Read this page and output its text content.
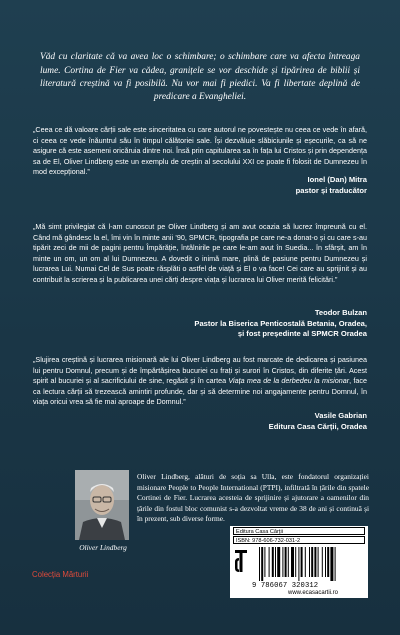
Văd cu claritate că va avea loc o schimbare; o schimbare care va afecta întreaga lume. Cortina de Fier va cădea, granițele se vor deschide și tipărirea de biblii și literatură creștină va fi posibilă. Nu vor mai fi piedici. Va fi libertate deplină de predicare a Evangheliei.

„Ceea ce dă valoare cărții sale este sinceritatea cu care autorul ne povestește nu ceea ce vede în afară, ci ceea ce vede înăuntrul său în timpul călătoriei sale. Își dezvăluie slăbiciunile și eșecurile, ca să ne asigure că este asemeni oricăruia dintre noi. Însă prin capitularea sa în fața lui Cristos și prin dependența sa de El, Oliver Lindberg este un exemplu de creștin al secolului XXI ce poate fi folosit de Dumnezeu în mod excepțional.”

Ionel (Dan) Mitra
pastor și traducător

„Mă simt privilegiat că l-am cunoscut pe Oliver Lindberg și am avut ocazia să lucrez împreună cu el. Când mă gândesc la el, îmi vin în minte anii ’90, SPMCR, tipografia pe care ne-a donat-o și cu care s-au tipărit zeci de mii de pagini pentru Împărăție, întâlnirile pe care le-am avut în Suedia... în sfârșit, am în minte un om, un om al lui Dumnezeu. A dovedit o inimă mare, plină de pasiune pentru Dumnezeu și lucrarea Lui. Numai Cel de Sus poate răsplăti o astfel de viață și El o va face! Cei care au sprijinit și au contribuit la scrierea și la publicarea unei cărți despre viața și lucrarea lui Oliver merită felicitări.”

Teodor Bulzan
Pastor la Biserica Penticostală Betania, Oradea,
și fost președinte al SPMCR Oradea

„Slujirea creștină și lucrarea misionară ale lui Oliver Lindberg au fost marcate de dedicarea și pasiunea lui pentru Domnul, precum și de împărtășirea bucuriei cu frați și surori în Cristos, din diferite țări. Acest spirit al bucuriei și al sacrificiului de sine, regăsit și în cartea Viața mea de la derbedeu la misionar, face ca lectura cărții să trezească amintiri profunde, dar și să determine noi angajamente pentru Domnul, în viața oricui vrea să fie mai aproape de Domnul.”

Vasile Gabrian
Editura Casa Cărții, Oradea
Oliver Lindberg

Oliver Lindberg, alături de soția sa Ulla, este fondatorul organizației misionare People to People International (PTPI), infiltrată în țările din spatele Cortinei de Fier. Lucrarea acesteia de sprijinire și ajutorare a oamenilor din țările din fostul bloc comunist s-a dezvoltat vreme de 38 de ani și continuă și în prezent, sub diverse forme.

Editura Casa Cărții
ISBN: 978-606-732-031-2
9 786067 320312
www.ecasacartii.ro
Colecția Mărturii
